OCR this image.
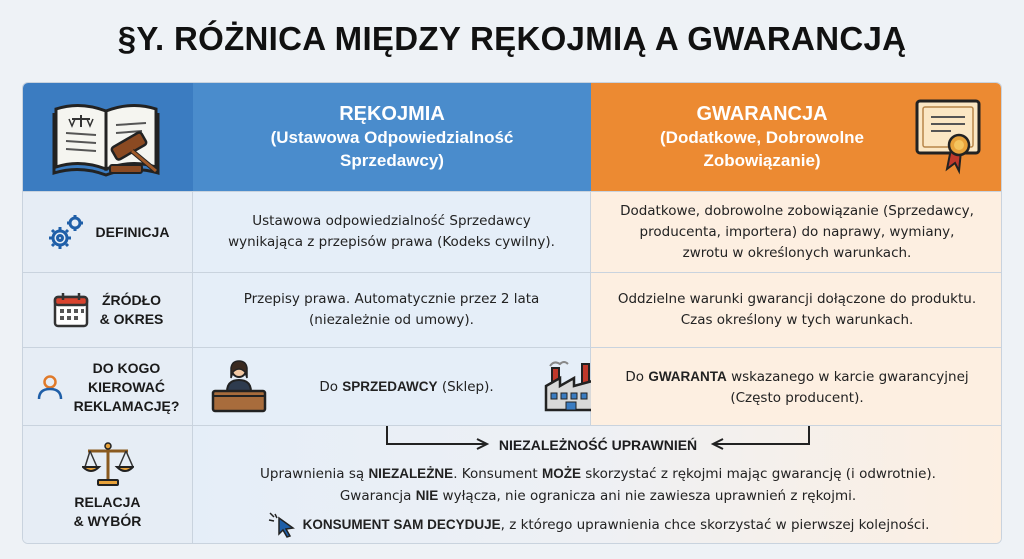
§Y. RÓŻNICA MIĘDZY RĘKOJMIĄ A GWARANCJĄ
RĘKOJMIA
(Ustawowa Odpowiedzialność
Sprzedawcy)
GWARANCJA
(Dodatkowe, Dobrowolne
Zobowiązanie)
DEFINICJA
Ustawowa odpowiedzialność Sprzedawcy
wynikająca z przepisów prawa (Kodeks cywilny).
Dodatkowe, dobrowolne zobowiązanie (Sprzedawcy,
producenta, importera) do naprawy, wymiany,
zwrotu w określonych warunkach.
ŹRÓDŁO
& OKRES
Przepisy prawa. Automatycznie przez 2 lata
(niezależnie od umowy).
Oddzielne warunki gwarancji dołączone do produktu.
Czas określony w tych warunkach.
DO KOGO
KIEROWAĆ
REKLAMACJĘ?
Do SPRZEDAWCY (Sklep).
Do GWARANTA wskazanego w karcie gwarancyjnej
(Często producent).
RELACJA
& WYBÓR
NIEZALEŻNOŚĆ UPRAWNIEŃ
Uprawnienia są NIEZALEŻNE. Konsument MOŻE skorzystać z rękojmi mając gwarancję (i odwrotnie).
Gwarancja NIE wyłącza, nie ogranicza ani nie zawiesza uprawnień z rękojmi.
KONSUMENT SAM DECYDUJE, z którego uprawnienia chce skorzystać w pierwszej kolejności.
